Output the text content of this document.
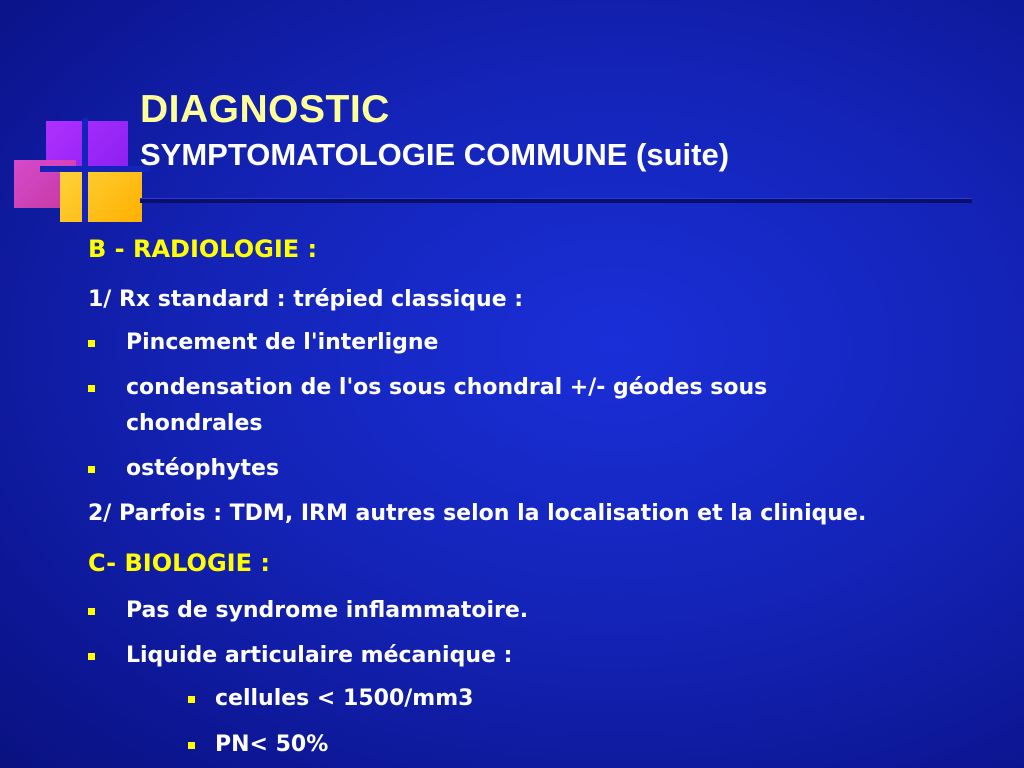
DIAGNOSTIC
SYMPTOMATOLOGIE COMMUNE (suite)
B - RADIOLOGIE :
1/ Rx standard : trépied classique :
Pincement de l'interligne
condensation de l'os sous chondral +/- géodes sous
chondrales
ostéophytes
2/ Parfois : TDM, IRM autres selon la localisation et la clinique.
C- BIOLOGIE :
Pas de syndrome inflammatoire.
Liquide articulaire mécanique :
cellules < 1500/mm3
PN< 50%
